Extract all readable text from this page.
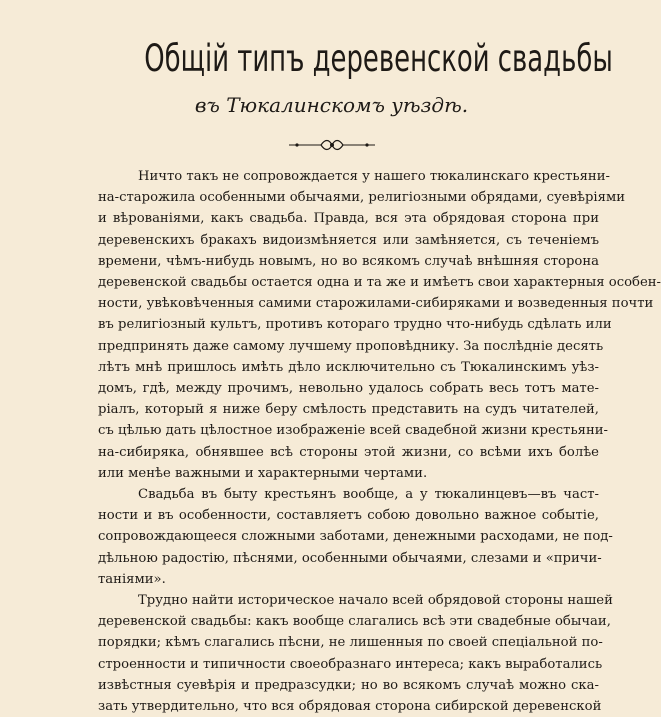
Общій типъ деревенской свадьбы
въ Тюкалинскомъ уѣздѣ.
Ничто такъ не сопровождается у нашего тюкалинскаго крестьяни-
на-старожила особенными обычаями, религіозными обрядами, суевѣріями
и вѣрованіями, какъ свадьба. Правда, вся эта обрядовая сторона при
деревенскихъ бракахъ видоизмѣняется или замѣняется, съ теченіемъ
времени, чѣмъ-нибудь новымъ, но во всякомъ случаѣ внѣшняя сторона
деревенской свадьбы остается одна и та же и имѣетъ свои характерныя особен-
ности, увѣковѣченныя самими старожилами-сибиряками и возведенныя почти
въ религіозный культъ, противъ котораго трудно что-нибудь сдѣлать или
предпринять даже самому лучшему проповѣднику. За послѣдніе десять
лѣтъ мнѣ пришлось имѣть дѣло исключительно съ Тюкалинскимъ уѣз-
домъ, гдѣ, между прочимъ, невольно удалось собрать весь тотъ мате-
ріалъ, который я ниже беру смѣлость представить на судъ читателей,
съ цѣлью дать цѣлостное изображеніе всей свадебной жизни крестьяни-
на-сибиряка, обнявшее всѣ стороны этой жизни, со всѣми ихъ болѣе
или менѣе важными и характерными чертами.
Свадьба въ быту крестьянъ вообще, а у тюкалинцевъ—въ част-
ности и въ особенности, составляетъ собою довольно важное событіе,
сопровождающееся сложными заботами, денежными расходами, не под-
дѣльною радостію, пѣснями, особенными обычаями, слезами и «причи-
таніями».
Трудно найти историческое начало всей обрядовой стороны нашей
деревенской свадьбы: какъ вообще слагались всѣ эти свадебные обычаи,
порядки; кѣмъ слагались пѣсни, не лишенныя по своей спеціальной по-
строенности и типичности своеобразнаго интереса; какъ выработались
извѣстныя суевѣрія и предразсудки; но во всякомъ случаѣ можно ска-
зать утвердительно, что вся обрядовая сторона сибирской деревенской
